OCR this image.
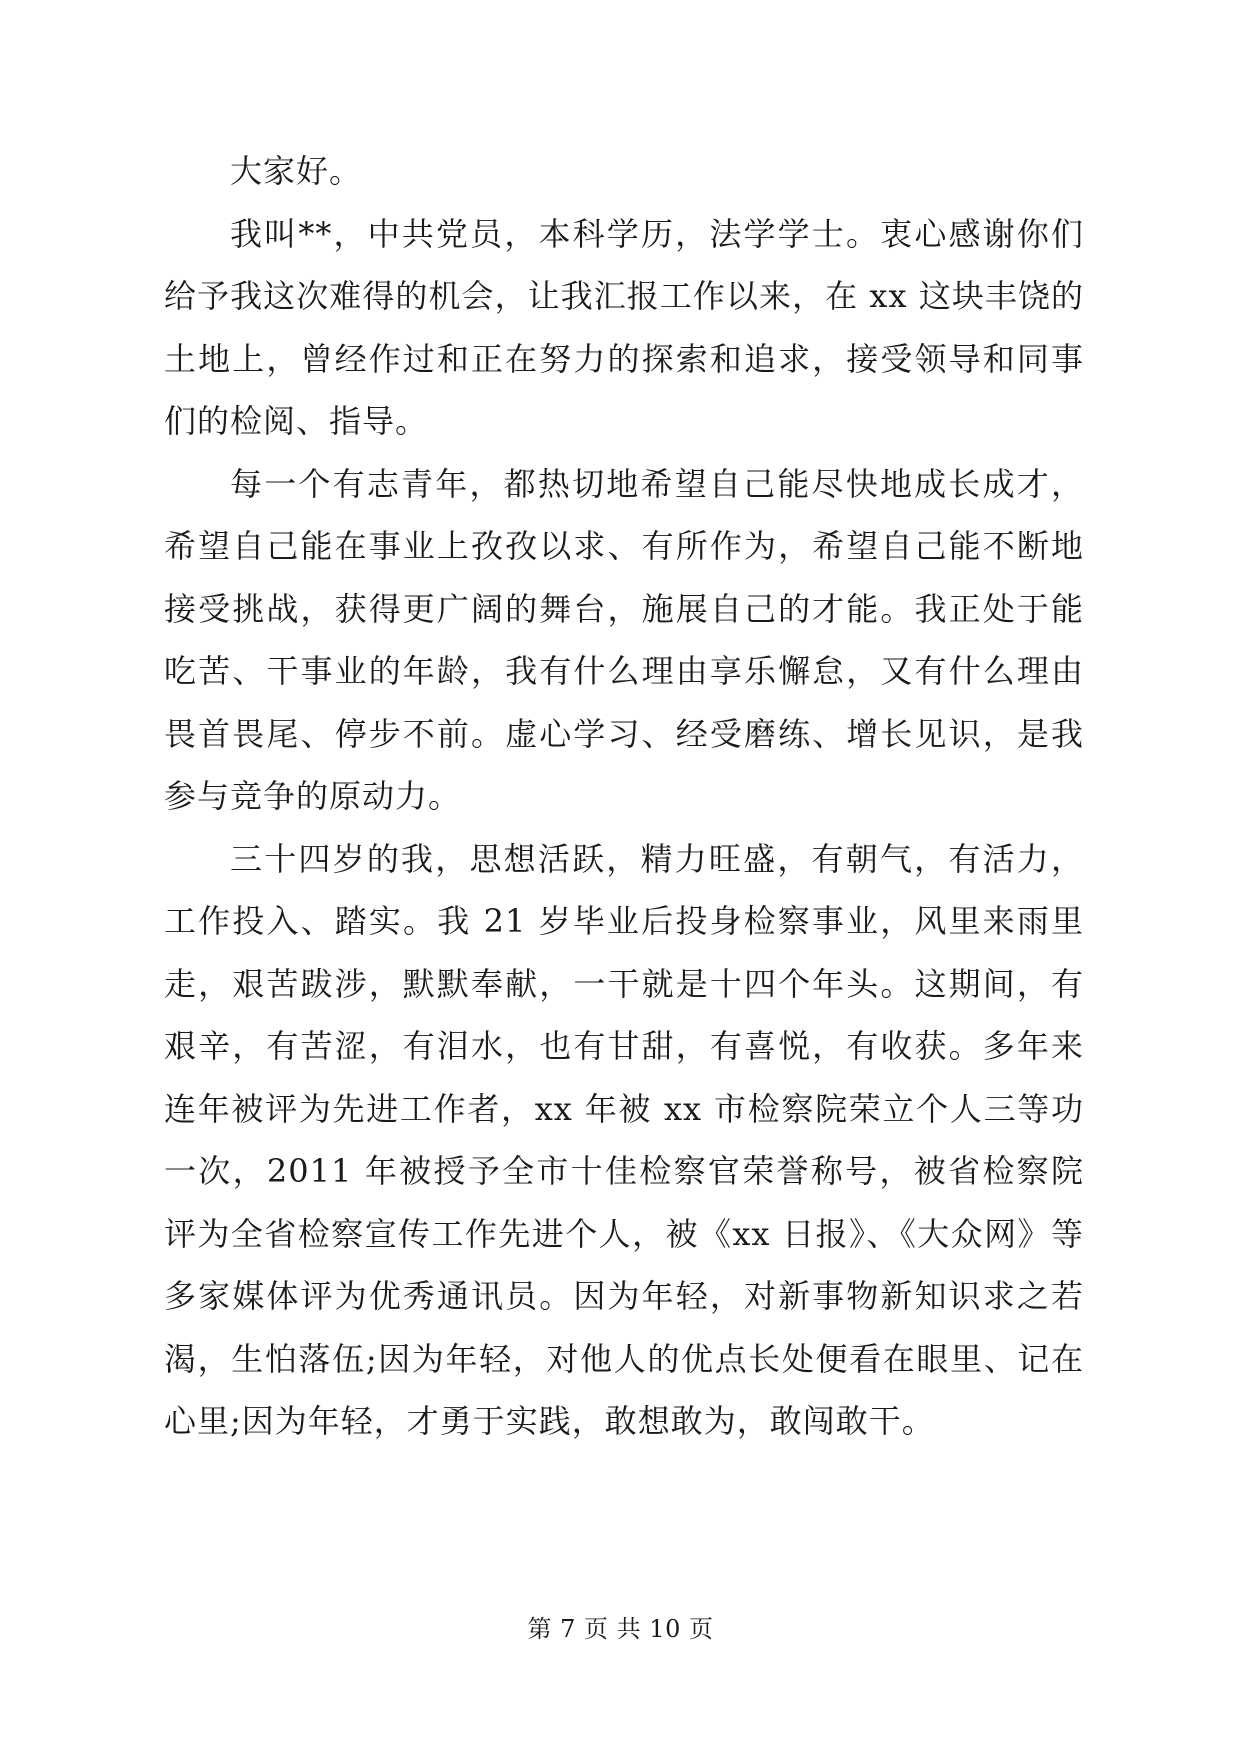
大家好。

我叫**，中共党员，本科学历，法学学士。衷心感谢你们给予我这次难得的机会，让我汇报工作以来，在 xx 这块丰饶的土地上，曾经作过和正在努力的探索和追求，接受领导和同事们的检阅、指导。

每一个有志青年，都热切地希望自己能尽快地成长成才，希望自己能在事业上孜孜以求、有所作为，希望自己能不断地接受挑战，获得更广阔的舞台，施展自己的才能。我正处于能吃苦、干事业的年龄，我有什么理由享乐懈怠，又有什么理由畏首畏尾、停步不前。虚心学习、经受磨练、增长见识，是我参与竞争的原动力。

三十四岁的我，思想活跃，精力旺盛，有朝气，有活力，工作投入、踏实。我 21 岁毕业后投身检察事业，风里来雨里走，艰苦跋涉，默默奉献，一干就是十四个年头。这期间，有艰辛，有苦涩，有泪水，也有甘甜，有喜悦，有收获。多年来连年被评为先进工作者，xx 年被 xx 市检察院荣立个人三等功一次，2011 年被授予全市十佳检察官荣誉称号，被省检察院评为全省检察宣传工作先进个人，被《xx 日报》、《大众网》等多家媒体评为优秀通讯员。因为年轻，对新事物新知识求之若渴，生怕落伍;因为年轻，对他人的优点长处便看在眼里、记在心里;因为年轻，才勇于实践，敢想敢为，敢闯敢干。

第 7 页 共 10 页
